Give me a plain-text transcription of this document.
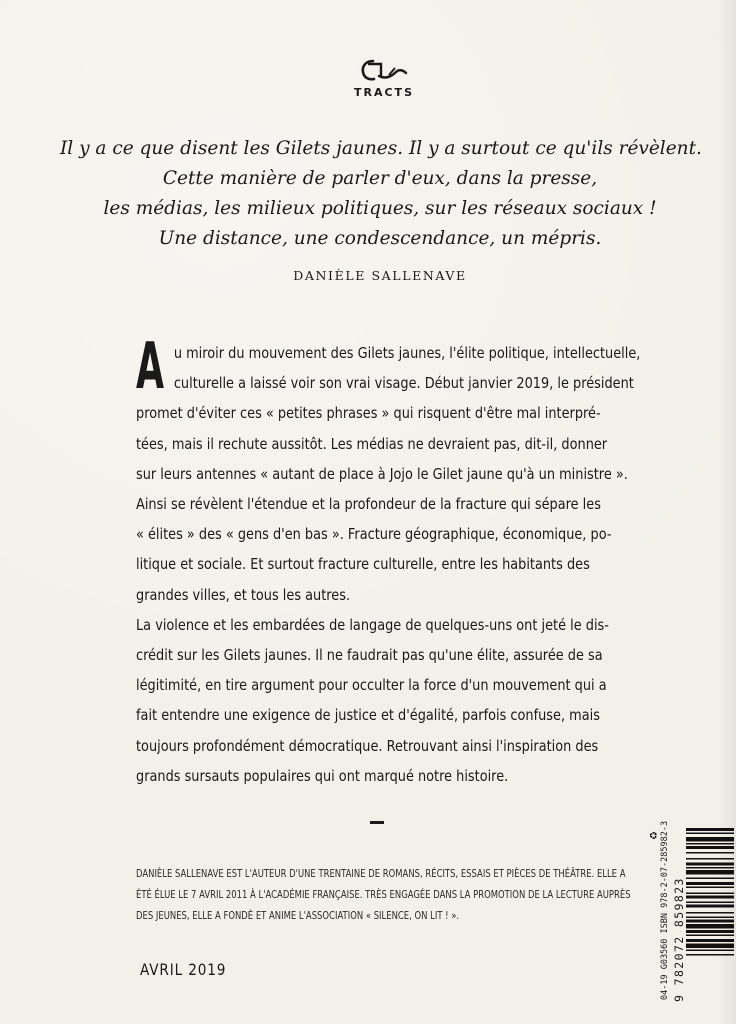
TRACTS
Il y a ce que disent les Gilets jaunes. Il y a surtout ce qu'ils révèlent.
Cette manière de parler d'eux, dans la presse,
les médias, les milieux politiques, sur les réseaux sociaux !
Une distance, une condescendance, un mépris.
DANIÈLE SALLENAVE
A u miroir du mouvement des Gilets jaunes, l'élite politique, intellectuelle,
culturelle a laissé voir son vrai visage. Début janvier 2019, le président
promet d'éviter ces « petites phrases » qui risquent d'être mal interpré-
tées, mais il rechute aussitôt. Les médias ne devraient pas, dit-il, donner
sur leurs antennes « autant de place à Jojo le Gilet jaune qu'à un ministre ».
Ainsi se révèlent l'étendue et la profondeur de la fracture qui sépare les
« élites » des « gens d'en bas ». Fracture géographique, économique, po-
litique et sociale. Et surtout fracture culturelle, entre les habitants des
grandes villes, et tous les autres.
La violence et les embardées de langage de quelques-uns ont jeté le dis-
crédit sur les Gilets jaunes. Il ne faudrait pas qu'une élite, assurée de sa
légitimité, en tire argument pour occulter la force d'un mouvement qui a
fait entendre une exigence de justice et d'égalité, parfois confuse, mais
toujours profondément démocratique. Retrouvant ainsi l'inspiration des
grands sursauts populaires qui ont marqué notre histoire.
DANIÈLE SALLENAVE EST L'AUTEUR D'UNE TRENTAINE DE ROMANS, RÉCITS, ESSAIS ET PIÈCES DE THÉÂTRE. ELLE A
ÉTÉ ÉLUE LE 7 AVRIL 2011 À L'ACADÉMIE FRANÇAISE. TRÈS ENGAGÉE DANS LA PROMOTION DE LA LECTURE AUPRÈS
DES JEUNES, ELLE A FONDÉ ET ANIME L'ASSOCIATION « SILENCE, ON LIT ! ».
AVRIL 2019
♻ 04-19 G03560 ISBN 978-2-07-285982-3 9 782072 859823
